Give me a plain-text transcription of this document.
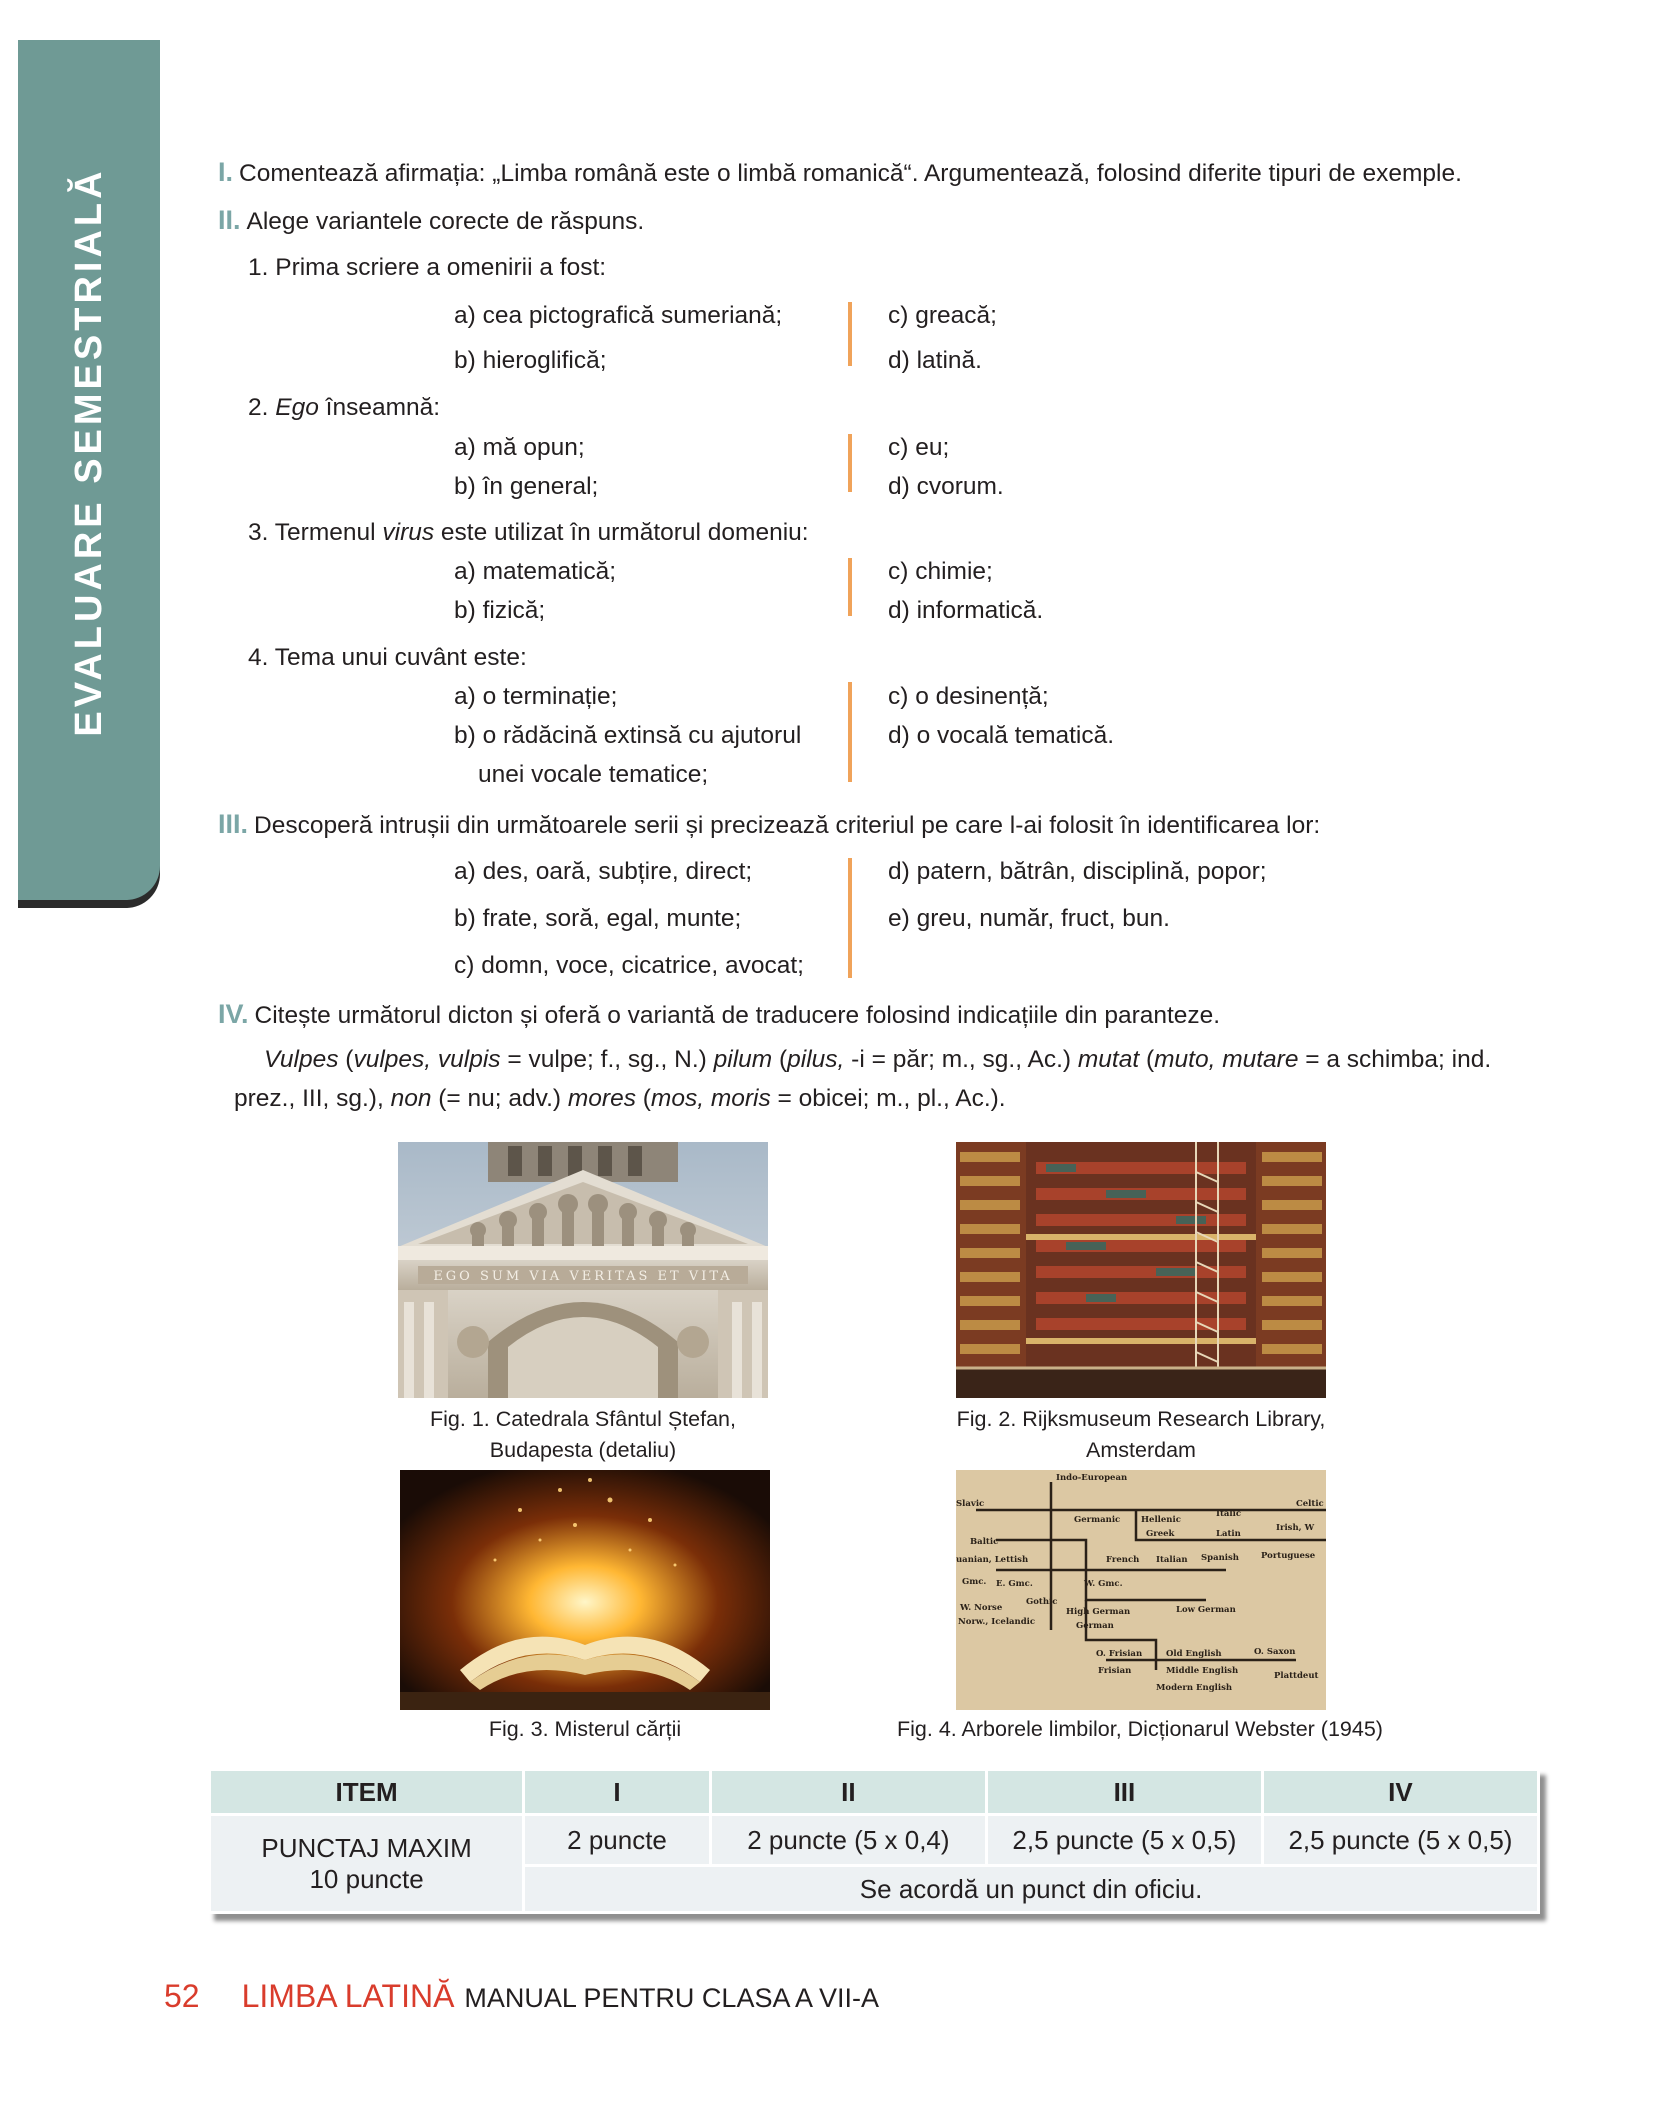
EVALUARE SEMESTRIALĂ	I. Comentează afirmația: „Limba română este o limbă romanică“. Argumentează, folosind diferite tipuri de exemple.
II. Alege variantele corecte de răspuns.
1. Prima scriere a omenirii a fost:
a) cea pictografică sumeriană;	c) greacă;
b) hieroglifică;	d) latină.
2. Ego înseamnă:
a) mă opun;	c) eu;
b) în general;	d) cvorum.
3. Termenul virus este utilizat în următorul domeniu:
a) matematică;	c) chimie;
b) fizică;	d) informatică.
4. Tema unui cuvânt este:
a) o terminație;	c) o desinență;
b) o rădăcină extinsă cu ajutorul	d) o vocală tematică.
unei vocale tematice;
III. Descoperă intrușii din următoarele serii și precizează criteriul pe care l-ai folosit în identificarea lor:
a) des, oară, subțire, direct;	d) patern, bătrân, disciplină, popor;
b) frate, soră, egal, munte;	e) greu, număr, fruct, bun.
c) domn, voce, cicatrice, avocat;
IV. Citește următorul dicton și oferă o variantă de traducere folosind indicațiile din paranteze.
Vulpes (vulpes, vulpis = vulpe; f., sg., N.) pilum (pilus, -i = păr; m., sg., Ac.) mutat (muto, mutare = a schimba; ind.
prez., III, sg.), non (= nu; adv.) mores (mos, moris = obicei; m., pl., Ac.).
EGO SUM VIA VERITAS ET VITA
Fig. 1. Catedrala Sfântul Ștefan,
Budapesta (detaliu)
Fig. 2. Rijksmuseum Research Library,
Amsterdam
Fig. 3. Misterul cărții
Indo-European
Slavic
Germanic Hellenic
Italic
Celtic
Greek	Latin
Irish, W
Baltic
uanian, Lettish	French Italian Spanish	Portuguese
Gmc. E. Gmc.	W. Gmc.
Gothic
W. Norse
Norw., Icelandic
High German	Low German
German
O. Frisian	Old English	O. Saxon
Frisian	Middle English	Plattdeut
Modern English
Fig. 4. Arborele limbilor, Dicționarul Webster (1945)
ITEM	I	II	III	IV

PUNCTAJ MAXIM
10 puncte	2 puncte	2 puncte (5 x 0,4)	2,5 puncte (5 x 0,5)	2,5 puncte (5 x 0,5)
	Se acordă un punct din oficiu.			
52 LIMBA LATINĂ MANUAL PENTRU CLASA A VII-A
